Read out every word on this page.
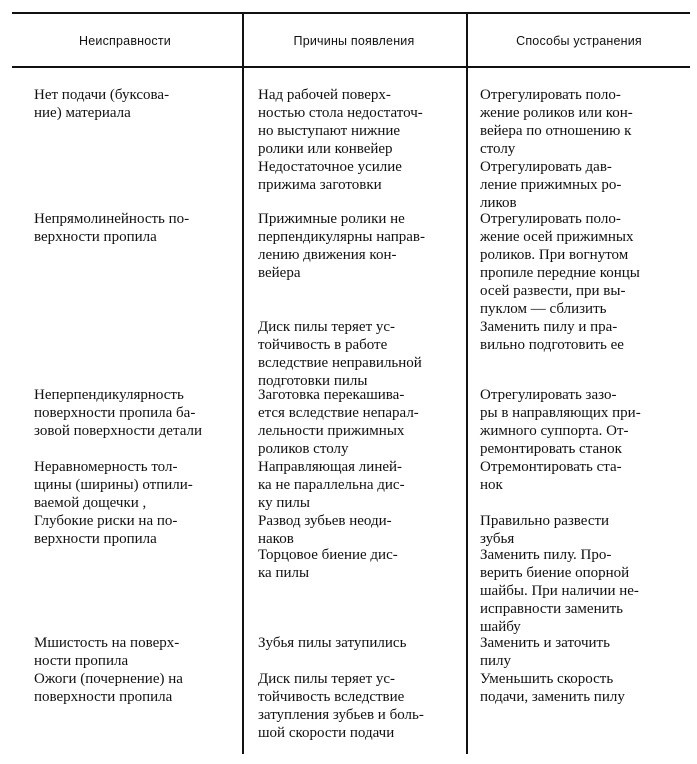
Неисправности	Причины появления	Способы устранения

Нет подачи (буксова-
ние) материала

Непрямолинейность по-
верхности пропила

Неперпендикулярность
поверхности пропила ба-
зовой поверхности детали

Неравномерность тол-
щины (ширины) отпили-
ваемой дощечки ,

Глубокие риски на по-
верхности пропила

Мшистость на поверх-
ности пропила

Ожоги (почернение) на
поверхности пропила

Над рабочей поверх-
ностью стола недостаточ-
но выступают нижние
ролики или конвейер

Недостаточное усилие
прижима заготовки

Прижимные ролики не
перпендикулярны направ-
лению движения кон-
вейера

Диск пилы теряет ус-
тойчивость в работе
вследствие неправильной
подготовки пилы

Заготовка перекашива-
ется вследствие непарал-
лельности прижимных
роликов столу

Направляющая линей-
ка не параллельна дис-
ку пилы

Развод зубьев неоди-
наков

Торцовое биение дис-
ка пилы

Зубья пилы затупились

Диск пилы теряет ус-
тойчивость вследствие
затупления зубьев и боль-
шой скорости подачи

Отрегулировать поло-
жение роликов или кон-
вейера по отношению к
столу

Отрегулировать дав-
ление прижимных ро-
ликов

Отрегулировать поло-
жение осей прижимных
роликов. При вогнутом
пропиле передние концы
осей развести, при вы-
пуклом — сблизить

Заменить пилу и пра-
вильно подготовить ее

Отрегулировать зазо-
ры в направляющих при-
жимного суппорта. От-
ремонтировать станок

Отремонтировать ста-
нок

Правильно развести
зубья

Заменить пилу. Про-
верить биение опорной
шайбы. При наличии не-
исправности заменить
шайбу

Заменить и заточить
пилу

Уменьшить скорость
подачи, заменить пилу
